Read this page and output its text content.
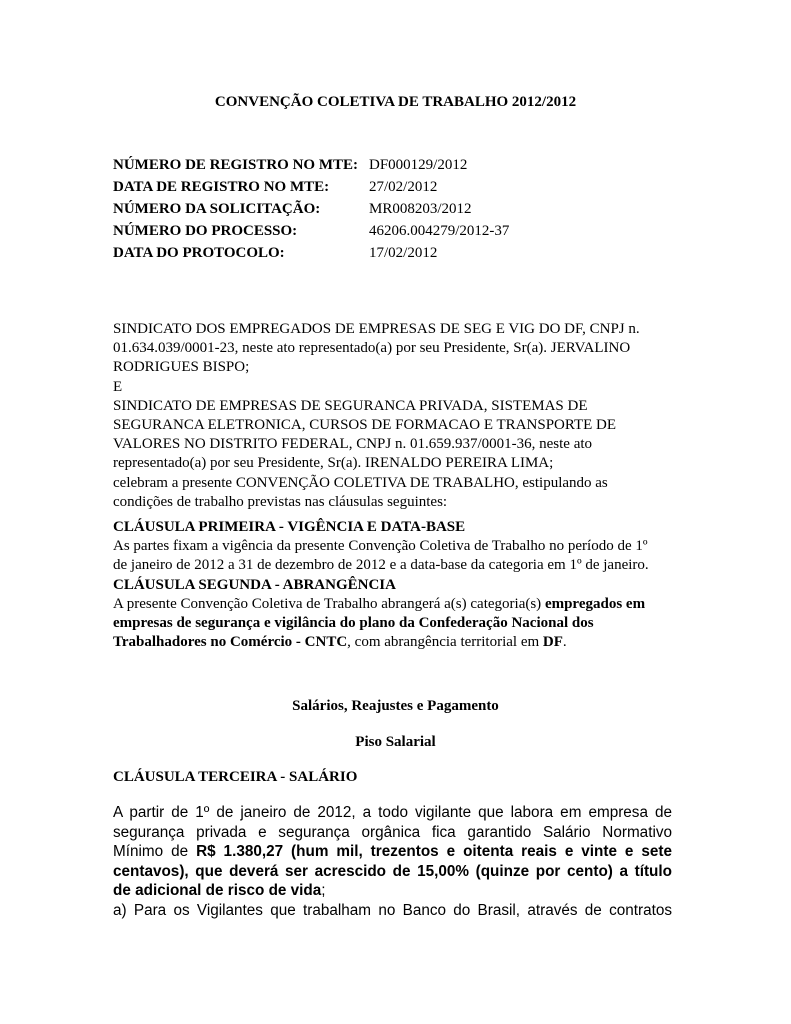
CONVENÇÃO COLETIVA DE TRABALHO 2012/2012
NÚMERO DE REGISTRO NO MTE: DF000129/2012
DATA DE REGISTRO NO MTE:	27/02/2012
NÚMERO DA SOLICITAÇÃO:	MR008203/2012
NÚMERO DO PROCESSO:	46206.004279/2012-37
DATA DO PROTOCOLO:	17/02/2012
SINDICATO DOS EMPREGADOS DE EMPRESAS DE SEG E VIG DO DF, CNPJ n.
01.634.039/0001-23, neste ato representado(a) por seu Presidente, Sr(a). JERVALINO
RODRIGUES BISPO;
E
SINDICATO DE EMPRESAS DE SEGURANCA PRIVADA, SISTEMAS DE
SEGURANCA ELETRONICA, CURSOS DE FORMACAO E TRANSPORTE DE
VALORES NO DISTRITO FEDERAL, CNPJ n. 01.659.937/0001-36, neste ato
representado(a) por seu Presidente, Sr(a). IRENALDO PEREIRA LIMA;
celebram a presente CONVENÇÃO COLETIVA DE TRABALHO, estipulando as
condições de trabalho previstas nas cláusulas seguintes:
CLÁUSULA PRIMEIRA - VIGÊNCIA E DATA-BASE
As partes fixam a vigência da presente Convenção Coletiva de Trabalho no período de 1º
de janeiro de 2012 a 31 de dezembro de 2012 e a data-base da categoria em 1º de janeiro.
CLÁUSULA SEGUNDA - ABRANGÊNCIA
A presente Convenção Coletiva de Trabalho abrangerá a(s) categoria(s) empregados em
empresas de segurança e vigilância do plano da Confederação Nacional dos
Trabalhadores no Comércio - CNTC, com abrangência territorial em DF.
Salários, Reajustes e Pagamento
Piso Salarial
CLÁUSULA TERCEIRA - SALÁRIO
A partir de 1º de janeiro de 2012, a todo vigilante que labora em empresa de
segurança privada e segurança orgânica fica garantido Salário Normativo
Mínimo de R$ 1.380,27 (hum mil, trezentos e oitenta reais e vinte e sete
centavos), que deverá ser acrescido de 15,00% (quinze por cento) a título
de adicional de risco de vida;
a) Para os Vigilantes que trabalham no Banco do Brasil, através de contratos
